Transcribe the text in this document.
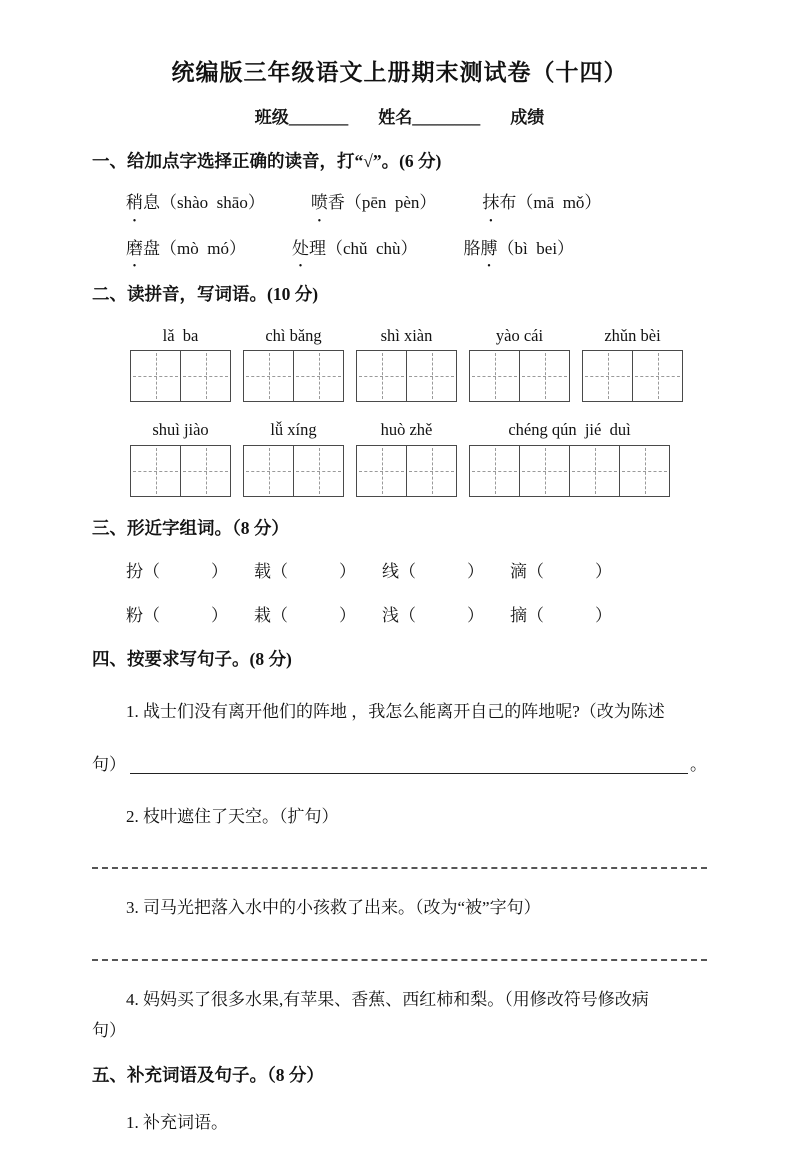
统编版三年级语文上册期末测试卷（十四）
班级_______ 姓名________ 成绩
一、给加点字选择正确的读音，打“√”。(6 分)
稍息（shào  shāo）	喷香（pēn  pèn）	抹布（mā  mǒ）
磨盘（mò  mó）	处理（chǔ  chù）	胳膊（bì  bei）
二、读拼音，写词语。(10 分)
lǎ  ba	chì bǎng	shì xiàn	yào cái	zhǔn bèi
shuì jiào	lǚ xíng	huò zhě	chéng qún  jié  duì
三、形近字组词。（8 分）
扮（　　　）	载（　　　）	线（　　　）	滴（　　　）
粉（　　　）	栽（　　　）	浅（　　　）	摘（　　　）
四、按要求写句子。(8 分)

1. 战士们没有离开他们的阵地 ，我怎么能离开自己的阵地呢?（改为陈述

句）	。

2. 枝叶遮住了天空。（扩句）

3. 司马光把落入水中的小孩救了出来。（改为“被”字句）

4. 妈妈买了很多水果,有苹果、香蕉、西红柿和梨。（用修改符号修改病

句）

五、补充词语及句子。（8 分）

1. 补充词语。
